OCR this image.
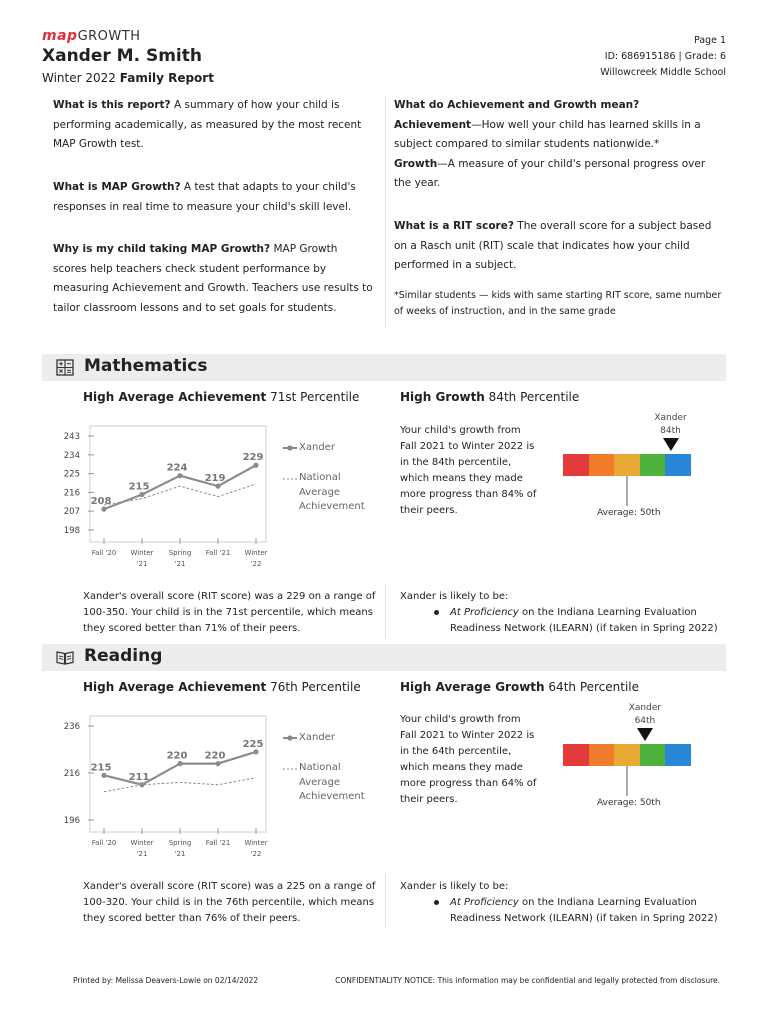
mapGROWTH
Xander M. Smith
Winter 2022 Family Report
Page 1
ID: 686915186 | Grade: 6
Willowcreek Middle School
What is this report? A summary of how your child is performing academically, as measured by the most recent MAP Growth test.
What is MAP Growth? A test that adapts to your child's responses in real time to measure your child's skill level.
Why is my child taking MAP Growth? MAP Growth scores help teachers check student performance by measuring Achievement and Growth. Teachers use results to tailor classroom lessons and to set goals for students.
What do Achievement and Growth mean?
Achievement—How well your child has learned skills in a subject compared to similar students nationwide.*
Growth—A measure of your child's personal progress over the year.
What is a RIT score? The overall score for a subject based on a Rasch unit (RIT) scale that indicates how your child performed in a subject.
*Similar students — kids with same starting RIT score, same number of weeks of instruction, and in the same grade
Mathematics
High Average Achievement 71st Percentile	High Growth 84th Percentile
243
234
225
216
207
198
Fall '20 Winter
'21
Spring
'21
Fall '21 Winter
'22
208
215
224
219
229
Xander
National
Average
Achievement
Your child's growth from Fall 2021 to Winter 2022 is in the 84th percentile, which means they made more progress than 84% of their peers.
Xander
84th
Average: 50th
Xander's overall score (RIT score) was a 229 on a range of 100-350. Your child is in the 71st percentile, which means they scored better than 71% of their peers.
Xander is likely to be:
At Proficiency on the Indiana Learning Evaluation Readiness Network (ILEARN) (if taken in Spring 2022)
Reading
High Average Achievement 76th Percentile	High Average Growth 64th Percentile
236
216
196
Fall '20 Winter
'21
Spring
'21
Fall '21 Winter
'22
215
211
220 220
225
Xander
National
Average
Achievement
Your child's growth from Fall 2021 to Winter 2022 is in the 64th percentile, which means they made more progress than 64% of their peers.
Xander
64th
Average: 50th
Xander's overall score (RIT score) was a 225 on a range of 100-320. Your child is in the 76th percentile, which means they scored better than 76% of their peers.
Xander is likely to be:
At Proficiency on the Indiana Learning Evaluation Readiness Network (ILEARN) (if taken in Spring 2022)
Printed by: Melissa Deavers-Lowie on 02/14/2022	CONFIDENTIALITY NOTICE: This information may be confidential and legally protected from disclosure.
